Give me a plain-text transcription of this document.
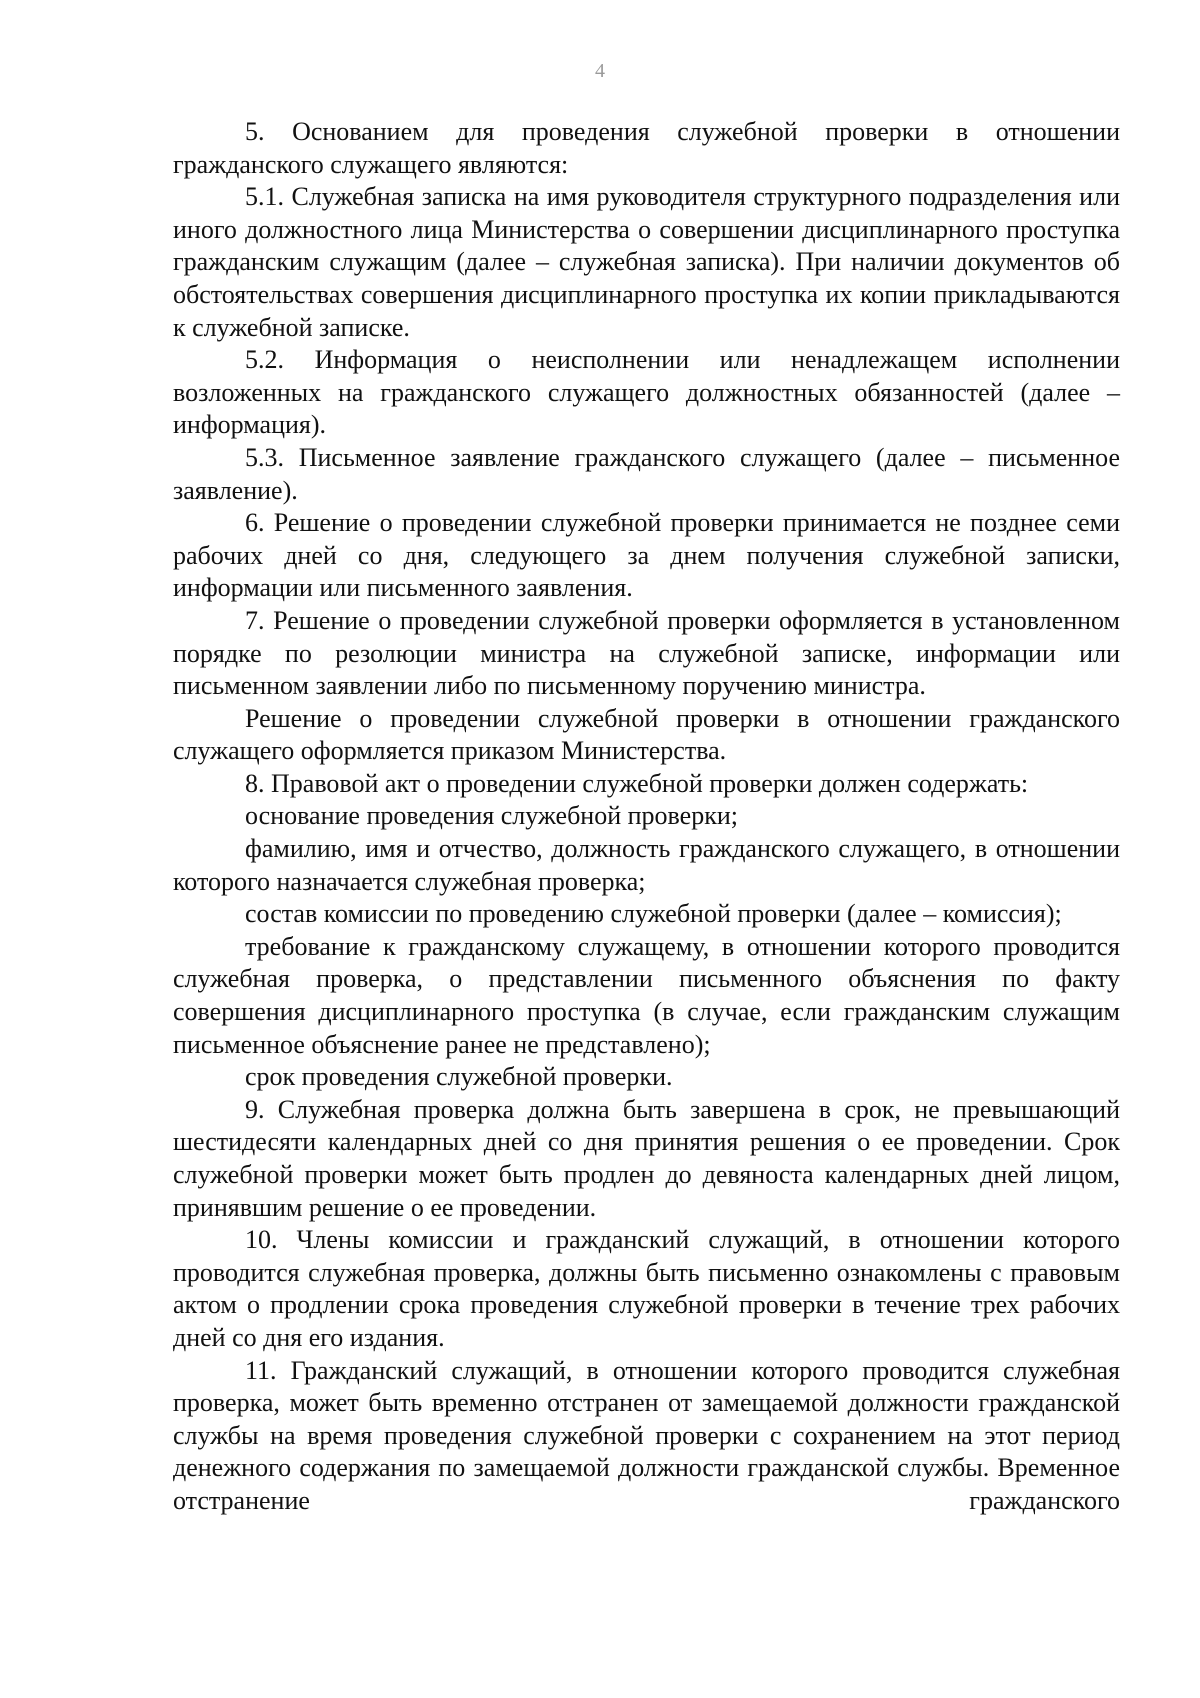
4

5. Основанием для проведения служебной проверки в отношении гражданского служащего являются:

5.1. Служебная записка на имя руководителя структурного подразделения или иного должностного лица Министерства о совершении дисциплинарного проступка гражданским служащим (далее – служебная записка). При наличии документов об обстоятельствах совершения дисциплинарного проступка их копии прикладываются к служебной записке.

5.2. Информация о неисполнении или ненадлежащем исполнении возложенных на гражданского служащего должностных обязанностей (далее – информация).

5.3. Письменное заявление гражданского служащего (далее – письменное заявление).

6. Решение о проведении служебной проверки принимается не позднее семи рабочих дней со дня, следующего за днем получения служебной записки, информации или письменного заявления.

7. Решение о проведении служебной проверки оформляется в установленном порядке по резолюции министра на служебной записке, информации или письменном заявлении либо по письменному поручению министра.

Решение о проведении служебной проверки в отношении гражданского служащего оформляется приказом Министерства.

8. Правовой акт о проведении служебной проверки должен содержать:

основание проведения служебной проверки;

фамилию, имя и отчество, должность гражданского служащего, в отношении которого назначается служебная проверка;

состав комиссии по проведению служебной проверки (далее – комиссия);

требование к гражданскому служащему, в отношении которого проводится служебная проверка, о представлении письменного объяснения по факту совершения дисциплинарного проступка (в случае, если гражданским служащим письменное объяснение ранее не представлено);

срок проведения служебной проверки.

9. Служебная проверка должна быть завершена в срок, не превышающий шестидесяти календарных дней со дня принятия решения о ее проведении. Срок служебной проверки может быть продлен до девяноста календарных дней лицом, принявшим решение о ее проведении.

10. Члены комиссии и гражданский служащий, в отношении которого проводится служебная проверка, должны быть письменно ознакомлены с правовым актом о продлении срока проведения служебной проверки в течение трех рабочих дней со дня его издания.

11. Гражданский служащий, в отношении которого проводится служебная проверка, может быть временно отстранен от замещаемой должности гражданской службы на время проведения служебной проверки с сохранением на этот период денежного содержания по замещаемой должности гражданской службы. Временное отстранение гражданского
